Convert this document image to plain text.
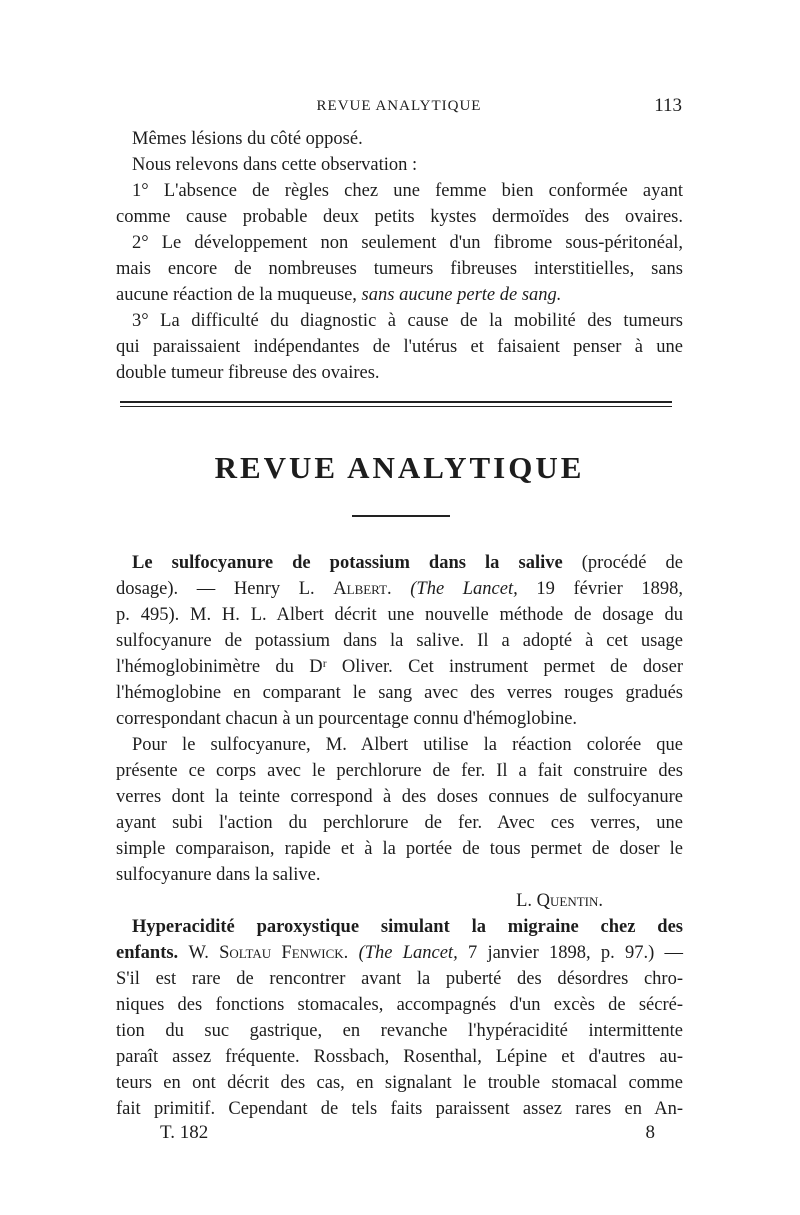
REVUE ANALYTIQUE	113
Mêmes lésions du côté opposé.
Nous relevons dans cette observation :
1° L'absence de règles chez une femme bien conformée ayant
comme cause probable deux petits kystes dermoïdes des ovaires.
2° Le développement non seulement d'un fibrome sous-péritonéal,
mais encore de nombreuses tumeurs fibreuses interstitielles, sans
aucune réaction de la muqueuse, sans aucune perte de sang.
3° La difficulté du diagnostic à cause de la mobilité des tumeurs
qui paraissaient indépendantes de l'utérus et faisaient penser à une
double tumeur fibreuse des ovaires.
REVUE ANALYTIQUE
Le sulfocyanure de potassium dans la salive (procédé de
dosage). — Henry L. Albert. (The Lancet, 19 février 1898,
p. 495). M. H. L. Albert décrit une nouvelle méthode de dosage du
sulfocyanure de potassium dans la salive. Il a adopté à cet usage
l'hémoglobinimètre du Dʳ Oliver. Cet instrument permet de doser
l'hémoglobine en comparant le sang avec des verres rouges gradués
correspondant chacun à un pourcentage connu d'hémoglobine.
Pour le sulfocyanure, M. Albert utilise la réaction colorée que
présente ce corps avec le perchlorure de fer. Il a fait construire des
verres dont la teinte correspond à des doses connues de sulfocyanure
ayant subi l'action du perchlorure de fer. Avec ces verres, une
simple comparaison, rapide et à la portée de tous permet de doser le
sulfocyanure dans la salive.
L. Quentin.
Hyperacidité paroxystique simulant la migraine chez des
enfants. W. Soltau Fenwick. (The Lancet, 7 janvier 1898, p. 97.) —
S'il est rare de rencontrer avant la puberté des désordres chro-
niques des fonctions stomacales, accompagnés d'un excès de sécré-
tion du suc gastrique, en revanche l'hypéracidité intermittente
paraît assez fréquente. Rossbach, Rosenthal, Lépine et d'autres au-
teurs en ont décrit des cas, en signalant le trouble stomacal comme
fait primitif. Cependant de tels faits paraissent assez rares en An-
T. 182	8
